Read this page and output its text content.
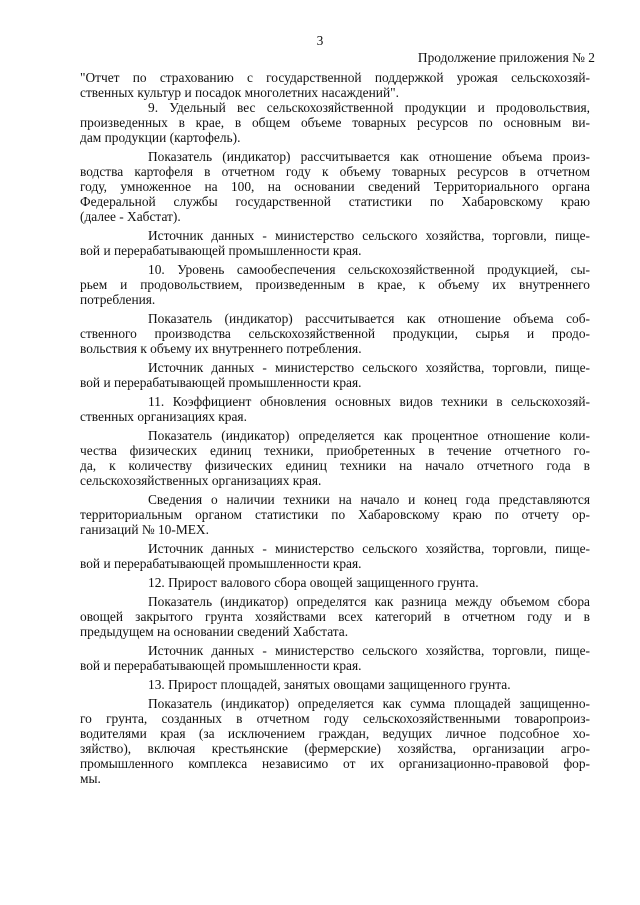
3
Продолжение приложения № 2
"Отчет по страхованию с государственной поддержкой урожая сельскохозяй-
ственных культур и посадок многолетних насаждений".
9. Удельный вес сельскохозяйственной продукции и продовольствия,
произведенных в крае, в общем объеме товарных ресурсов по основным ви-
дам продукции (картофель).
Показатель (индикатор) рассчитывается как отношение объема произ-
водства картофеля в отчетном году к объему товарных ресурсов в отчетном
году, умноженное на 100, на основании сведений Территориального органа
Федеральной службы государственной статистики по Хабаровскому краю
(далее - Хабстат).
Источник данных - министерство сельского хозяйства, торговли, пище-
вой и перерабатывающей промышленности края.
10. Уровень самообеспечения сельскохозяйственной продукцией, сы-
рьем и продовольствием, произведенным в крае, к объему их внутреннего
потребления.
Показатель (индикатор) рассчитывается как отношение объема соб-
ственного производства сельскохозяйственной продукции, сырья и продо-
вольствия к объему их внутреннего потребления.
Источник данных - министерство сельского хозяйства, торговли, пище-
вой и перерабатывающей промышленности края.
11. Коэффициент обновления основных видов техники в сельскохозяй-
ственных организациях края.
Показатель (индикатор) определяется как процентное отношение коли-
чества физических единиц техники, приобретенных в течение отчетного го-
да, к количеству физических единиц техники на начало отчетного года в
сельскохозяйственных организациях края.
Сведения о наличии техники на начало и конец года представляются
территориальным органом статистики по Хабаровскому краю по отчету ор-
ганизаций № 10-МЕХ.
Источник данных - министерство сельского хозяйства, торговли, пище-
вой и перерабатывающей промышленности края.
12. Прирост валового сбора овощей защищенного грунта.
Показатель (индикатор) определятся как разница между объемом сбора
овощей закрытого грунта хозяйствами всех категорий в отчетном году и в
предыдущем на основании сведений Хабстата.
Источник данных - министерство сельского хозяйства, торговли, пище-
вой и перерабатывающей промышленности края.
13. Прирост площадей, занятых овощами защищенного грунта.
Показатель (индикатор) определяется как сумма площадей защищенно-
го грунта, созданных в отчетном году сельскохозяйственными товаропроиз-
водителями края (за исключением граждан, ведущих личное подсобное хо-
зяйство), включая крестьянские (фермерские) хозяйства, организации агро-
промышленного комплекса независимо от их организационно-правовой фор-
мы.
